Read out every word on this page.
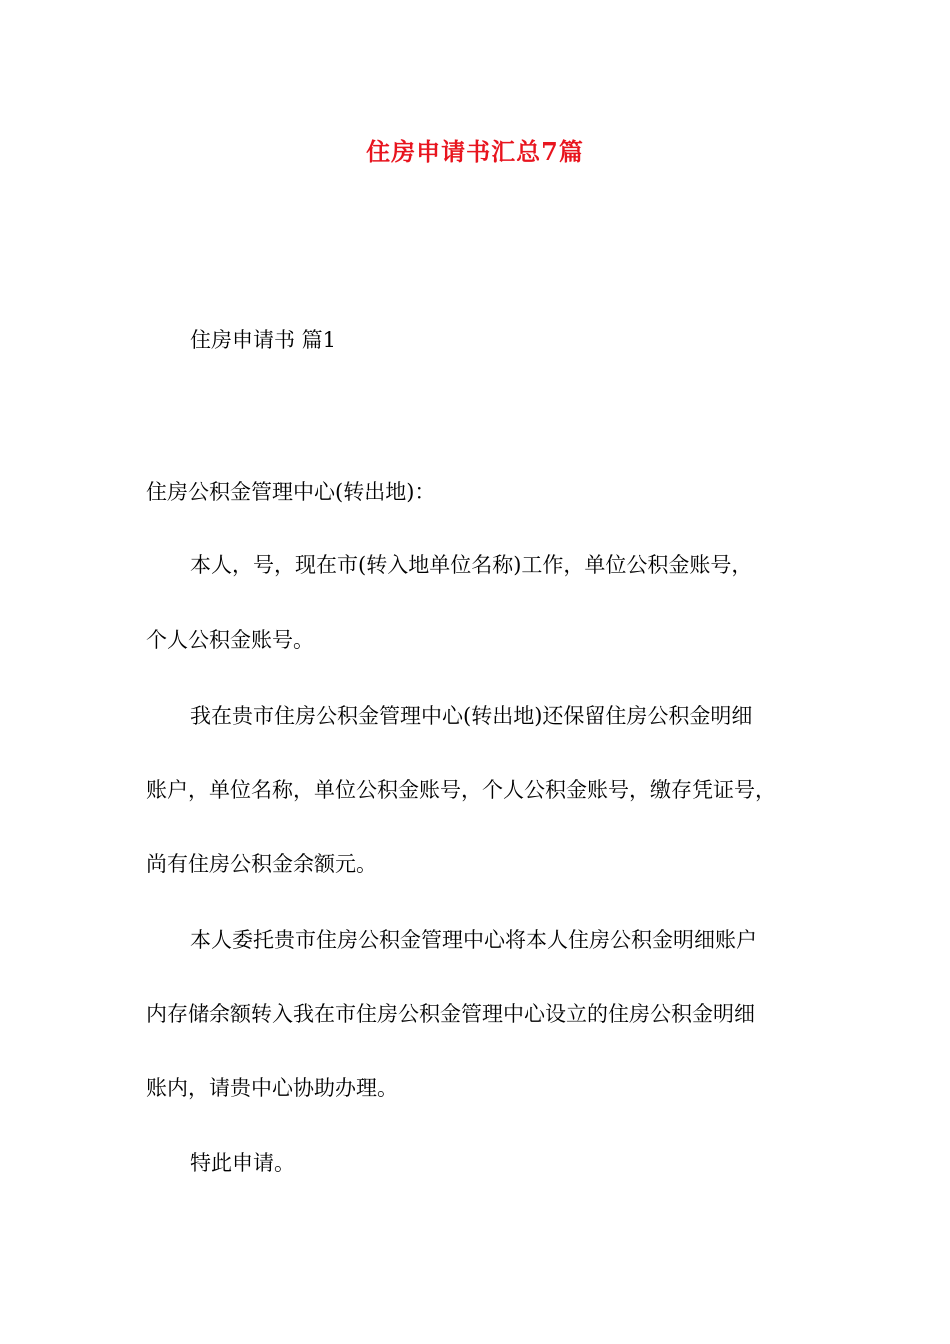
住房申请书汇总7篇
住房申请书 篇1
住房公积金管理中心(转出地)：
本人，号，现在市(转入地单位名称)工作，单位公积金账号，
个人公积金账号。
我在贵市住房公积金管理中心(转出地)还保留住房公积金明细
账户，单位名称，单位公积金账号，个人公积金账号，缴存凭证号，
尚有住房公积金余额元。
本人委托贵市住房公积金管理中心将本人住房公积金明细账户
内存储余额转入我在市住房公积金管理中心设立的住房公积金明细
账内，请贵中心协助办理。
特此申请。
